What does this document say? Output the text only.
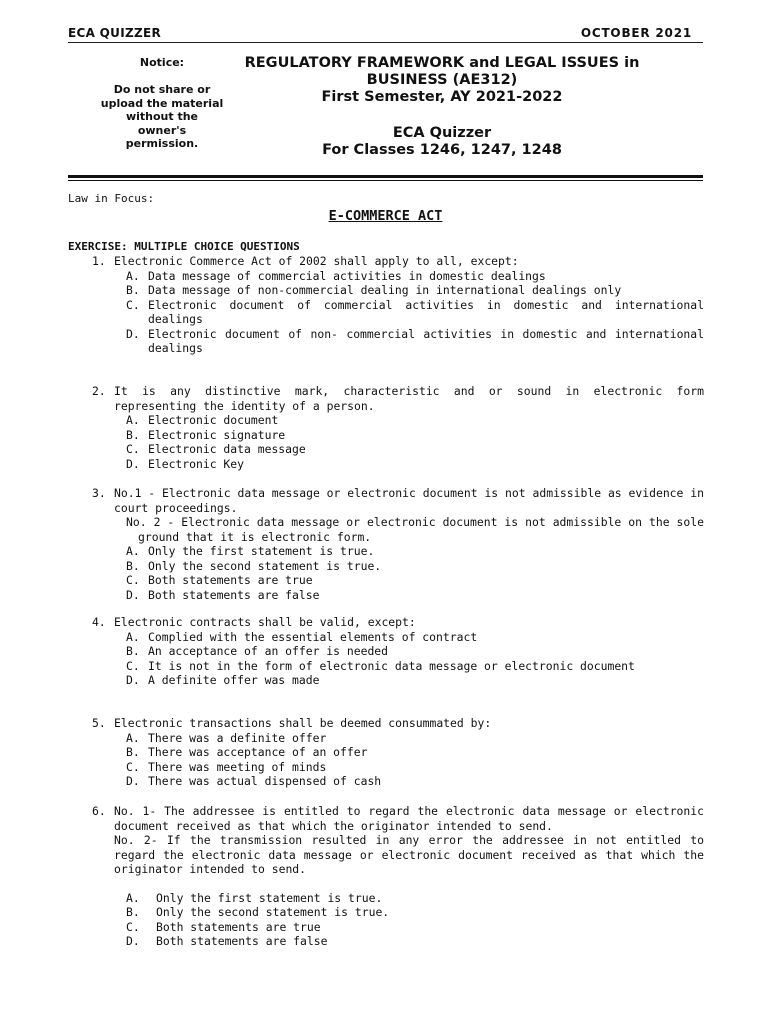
ECA QUIZZER	OCTOBER 2021
Notice:
Do not share or upload the material without the owner's permission.
REGULATORY FRAMEWORK and LEGAL ISSUES in
BUSINESS (AE312)
First Semester, AY 2021-2022
ECA Quizzer
For Classes 1246, 1247, 1248
Law in Focus:
E-COMMERCE ACT
EXERCISE: MULTIPLE CHOICE QUESTIONS
1. Electronic Commerce Act of 2002 shall apply to all, except:
A. Data message of commercial activities in domestic dealings
B. Data message of non-commercial dealing in international dealings only
C. Electronic document of commercial activities in domestic and international dealings
D. Electronic document of non- commercial activities in domestic and international dealings
2. It is any distinctive mark, characteristic and or sound in electronic form representing the identity of a person.
A. Electronic document
B. Electronic signature
C. Electronic data message
D. Electronic Key
3. No.1 - Electronic data message or electronic document is not admissible as evidence in court proceedings.
No. 2 - Electronic data message or electronic document is not admissible on the sole ground that it is electronic form.
A. Only the first statement is true.
B. Only the second statement is true.
C. Both statements are true
D. Both statements are false
4. Electronic contracts shall be valid, except:
A. Complied with the essential elements of contract
B. An acceptance of an offer is needed
C. It is not in the form of electronic data message or electronic document
D. A definite offer was made
5. Electronic transactions shall be deemed consummated by:
A. There was a definite offer
B. There was acceptance of an offer
C. There was meeting of minds
D. There was actual dispensed of cash
6. No. 1- The addressee is entitled to regard the electronic data message or electronic document received as that which the originator intended to send.
No. 2- If the transmission resulted in any error the addressee in not entitled to regard the electronic data message or electronic document received as that which the originator intended to send.
A. Only the first statement is true.
B. Only the second statement is true.
C. Both statements are true
D. Both statements are false
